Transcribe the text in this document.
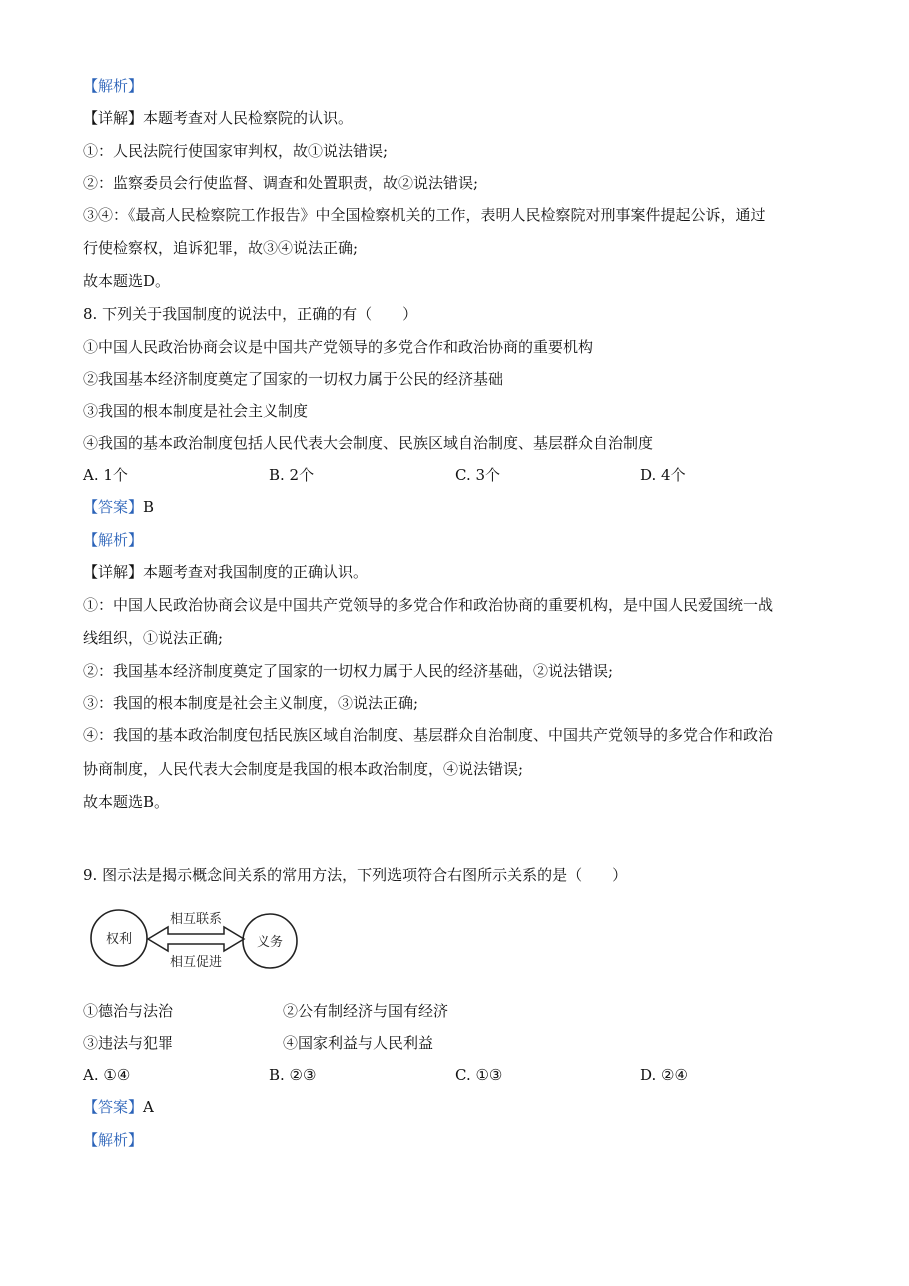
【解析】
【详解】本题考查对人民检察院的认识。
①：人民法院行使国家审判权，故①说法错误;
②：监察委员会行使监督、调查和处置职责，故②说法错误;
③④：《最高人民检察院工作报告》中全国检察机关的工作，表明人民检察院对刑事案件提起公诉，通过
行使检察权，追诉犯罪，故③④说法正确;
故本题选D。
8. 下列关于我国制度的说法中，正确的有（　　）
①中国人民政治协商会议是中国共产党领导的多党合作和政治协商的重要机构
②我国基本经济制度奠定了国家的一切权力属于公民的经济基础
③我国的根本制度是社会主义制度
④我国的基本政治制度包括人民代表大会制度、民族区域自治制度、基层群众自治制度
A. 1个	B. 2个	C. 3个	D. 4个
【答案】B
【解析】
【详解】本题考查对我国制度的正确认识。
①：中国人民政治协商会议是中国共产党领导的多党合作和政治协商的重要机构，是中国人民爱国统一战
线组织，①说法正确;
②：我国基本经济制度奠定了国家的一切权力属于人民的经济基础，②说法错误;
③：我国的根本制度是社会主义制度，③说法正确;
④：我国的基本政治制度包括民族区域自治制度、基层群众自治制度、中国共产党领导的多党合作和政治
协商制度，人民代表大会制度是我国的根本政治制度，④说法错误;
故本题选B。
9. 图示法是揭示概念间关系的常用方法，下列选项符合右图所示关系的是（　　）
权利	义务
相互联系
相互促进
①德治与法治	②公有制经济与国有经济
③违法与犯罪	④国家利益与人民利益
A. ①④	B. ②③	C. ①③	D. ②④
【答案】A
【解析】
